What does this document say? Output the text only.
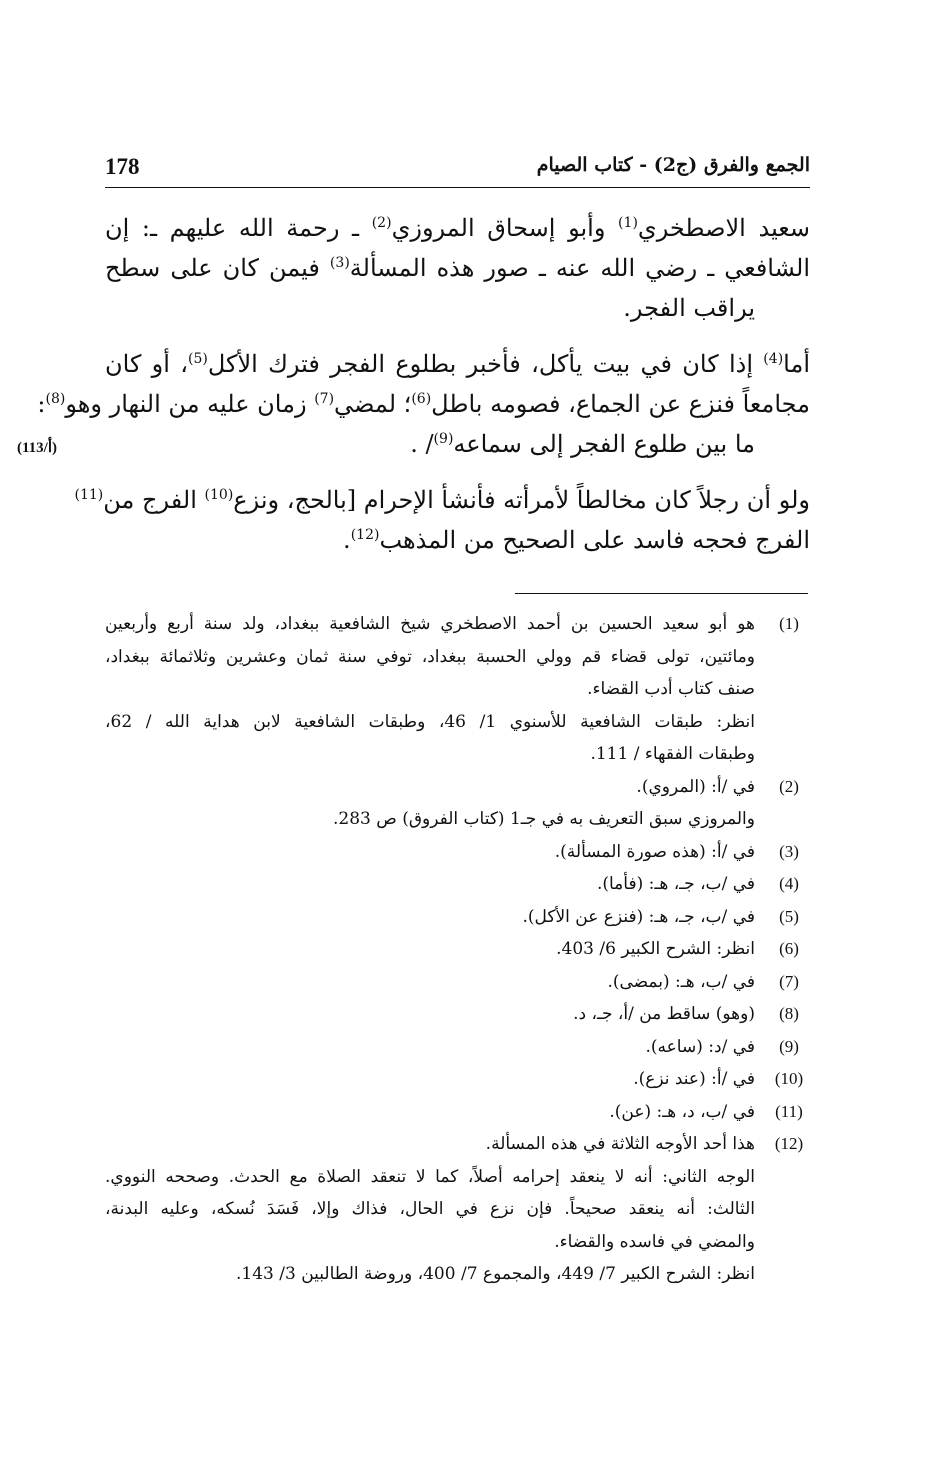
178	الجمع والفرق (ج2) - كتاب الصيام
سعيد الاصطخري$^{(1)}$ وأبو إسحاق المروزي$^{(2)}$ ـ رحمة الله عليهم ـ: إن
الشافعي ـ رضي الله عنه ـ صور هذه المسألة$^{(3)}$ فيمن كان على سطح
يراقب الفجر.
أما$^{(4)}$ إذا كان في بيت يأكل، فأخبر بطلوع الفجر فترك الأكل$^{(5)}$، أو كان
مجامعاً فنزع عن الجماع، فصومه باطل$^{(6)}$؛ لمضي$^{(7)}$ زمان عليه من النهار وهو$^{(8)}$:
ما بين طلوع الفجر إلى سماعه$^{(9)}$/ .
(113/أ)
ولو أن رجلاً كان مخالطاً لأمرأته فأنشأ الإحرام [بالحج، ونزع$^{(10)}$ الفرج من$^{(11)}$
الفرج فحجه فاسد على الصحيح من المذهب$^{(12)}$.
(1)
هو أبو سعيد الحسين بن أحمد الاصطخري شيخ الشافعية ببغداد، ولد سنة أربع وأربعين
ومائتين، تولى قضاء قم وولي الحسبة ببغداد، توفي سنة ثمان وعشرين وثلاثمائة ببغداد،
صنف كتاب أدب القضاء.
انظر: طبقات الشافعية للأسنوي 1/ 46، وطبقات الشافعية لابن هداية الله / 62،
وطبقات الفقهاء / 111.
(2)
في /أ: (المروي).
والمروزي سبق التعريف به في جـ1 (كتاب الفروق) ص 283.
(3)
في /أ: (هذه صورة المسألة).
(4)
في /ب، جـ، هـ: (فأما).
(5)
في /ب، جـ، هـ: (فنزع عن الأكل).
(6)
انظر: الشرح الكبير 6/ 403.
(7)
في /ب، هـ: (بمضى).
(8)
(وهو) ساقط من /أ، جـ، د.
(9)
في /د: (ساعه).
(10)
في /أ: (عند نزع).
(11)
في /ب، د، هـ: (عن).
(12)
هذا أحد الأوجه الثلاثة في هذه المسألة.
الوجه الثاني: أنه لا ينعقد إحرامه أصلاً، كما لا تنعقد الصلاة مع الحدث. وصححه النووي.
الثالث: أنه ينعقد صحيحاً. فإن نزع في الحال، فذاك وإلا، فَسَدَ نُسكه، وعليه البدنة،
والمضي في فاسده والقضاء.
انظر: الشرح الكبير 7/ 449، والمجموع 7/ 400، وروضة الطالبين 3/ 143.
